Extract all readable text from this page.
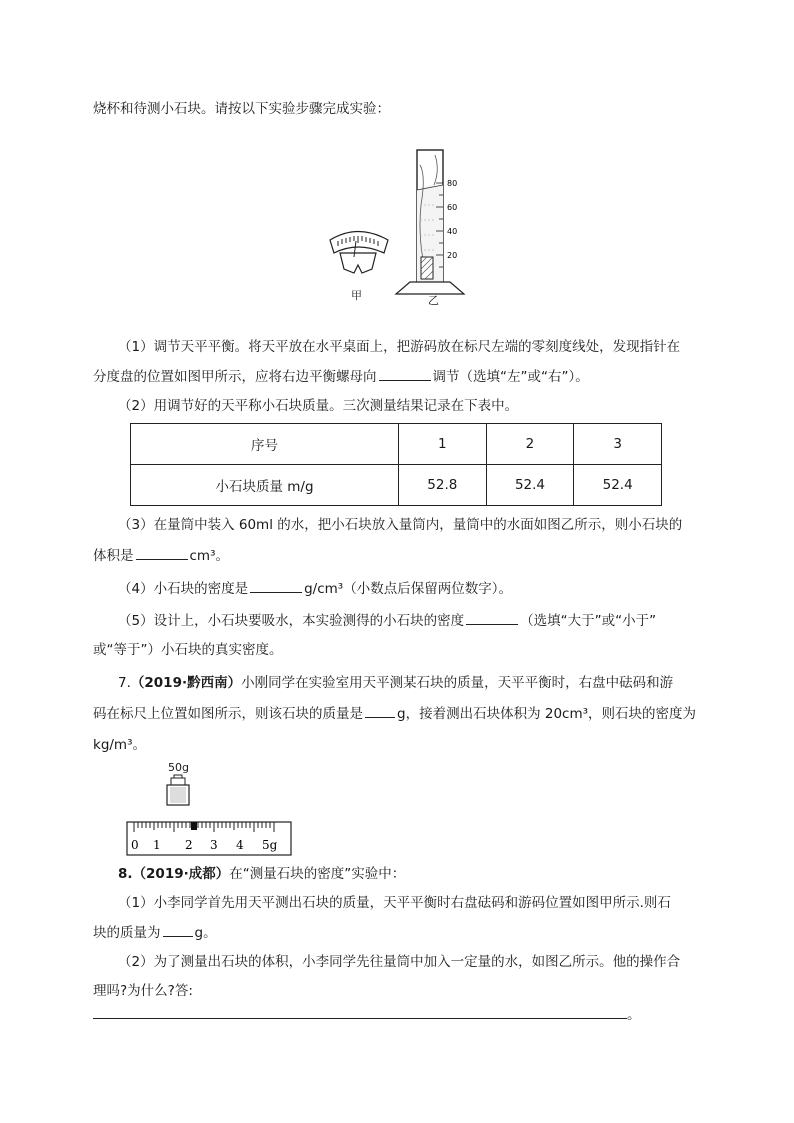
烧杯和待测小石块。请按以下实验步骤完成实验：
80
60
40
20
甲	乙
（1）调节天平平衡。将天平放在水平桌面上，把游码放在标尺左端的零刻度线处，发现指针在
分度盘的位置如图甲所示，应将右边平衡螺母向	调节（选填“左”或“右”）。
（2）用调节好的天平称小石块质量。三次测量结果记录在下表中。
序号	1	2	3
小石块质量 m/g	52.8	52.4	52.4
（3）在量筒中装入 60ml 的水，把小石块放入量筒内，量筒中的水面如图乙所示，则小石块的
体积是	cm³。
（4）小石块的密度是	g/cm³（小数点后保留两位数字）。
（5）设计上，小石块要吸水，本实验测得的小石块的密度	（选填“大于”或“小于”
或“等于”）小石块的真实密度。
7.（2019·黔西南）小刚同学在实验室用天平测某石块的质量，天平平衡时，右盘中砝码和游
码在标尺上位置如图所示，则该石块的质量是	g，接着测出石块体积为 20cm³，则石块的密度为
kg/m³。
50g
0 1 2 3 4 5g
8.（2019·成都）在“测量石块的密度”实验中：
（1）小李同学首先用天平测出石块的质量，天平平衡时右盘砝码和游码位置如图甲所示.则石
块的质量为	g。
（2）为了测量出石块的体积，小李同学先往量筒中加入一定量的水，如图乙所示。他的操作合
理吗?为什么?答:
。
